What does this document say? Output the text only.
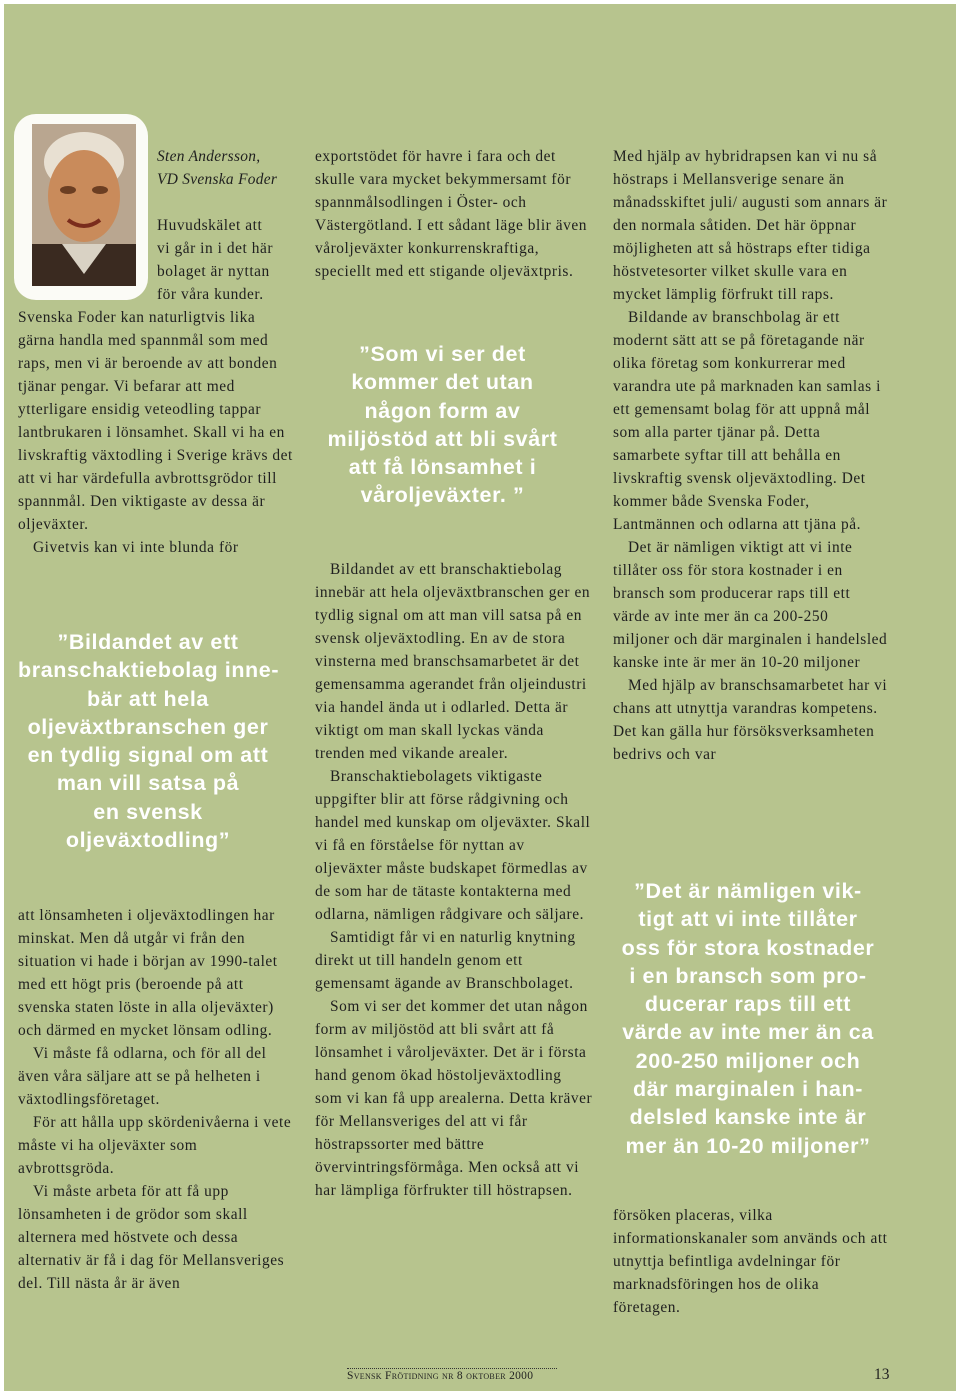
Sten Andersson,
VD Svenska Foder
Huvudskälet att
vi går in i det här
bolaget är nyttan
för våra kunder.

Svenska Foder kan naturligtvis lika gärna handla med spannmål som med raps, men vi är beroende av att bonden tjänar pengar. Vi befarar att med ytterligare ensidig veteodling tappar lantbrukaren i lönsamhet. Skall vi ha en livskraftig växtodling i Sverige krävs det att vi har värdefulla avbrottsgrödor till spannmål. Den viktigaste av dessa är oljeväxter.

Givetvis kan vi inte blunda för

”Bildandet av ett
branschaktiebolag inne-
bär att hela
oljeväxtbranschen ger
en tydlig signal om att
man vill satsa på
en svensk
oljeväxtodling”

att lönsamheten i oljeväxtodlingen har minskat. Men då utgår vi från den situation vi hade i början av 1990-talet med ett högt pris (beroende på att svenska staten löste in alla oljeväxter) och därmed en mycket lönsam odling.

Vi måste få odlarna, och för all del även våra säljare att se på helheten i växtodlingsföretaget.

För att hålla upp skördenivåerna i vete måste vi ha oljeväxter som avbrottsgröda.

Vi måste arbeta för att få upp lönsamheten i de grödor som skall alternera med höstvete och dessa alternativ är få i dag för Mellansveriges del. Till nästa år är även

exportstödet för havre i fara och det skulle vara mycket bekymmersamt för spannmålsodlingen i Öster- och Västergötland. I ett sådant läge blir även våroljeväxter konkurrenskraftiga, speciellt med ett stigande oljeväxtpris.

”Som vi ser det
kommer det utan
någon form av
miljöstöd att bli svårt
att få lönsamhet i
våroljeväxter. ”

Bildandet av ett branschaktiebolag innebär att hela oljeväxtbranschen ger en tydlig signal om att man vill satsa på en svensk oljeväxtodling. En av de stora vinsterna med branschsamarbetet är det gemensamma agerandet från oljeindustri via handel ända ut i odlarled. Detta är viktigt om man skall lyckas vända trenden med vikande arealer.

Branschaktiebolagets viktigaste uppgifter blir att förse rådgivning och handel med kunskap om oljeväxter. Skall vi få en förståelse för nyttan av oljeväxter måste budskapet förmedlas av de som har de tätaste kontakterna med odlarna, nämligen rådgivare och säljare.

Samtidigt får vi en naturlig knytning direkt ut till handeln genom ett gemensamt ägande av Branschbolaget.

Som vi ser det kommer det utan någon form av miljöstöd att bli svårt att få lönsamhet i våroljeväxter. Det är i första hand genom ökad höstoljeväxtodling som vi kan få upp arealerna. Detta kräver för Mellansveriges del att vi får höstrapssorter med bättre övervintringsförmåga. Men också att vi har lämpliga förfrukter till höstrapsen.

Med hjälp av hybridrapsen kan vi nu så höstraps i Mellansverige senare än månadsskiftet juli/ augusti som annars är den normala såtiden. Det här öppnar möjligheten att så höstraps efter tidiga höstvetesorter vilket skulle vara en mycket lämplig förfrukt till raps.

Bildande av branschbolag är ett modernt sätt att se på företagande när olika företag som konkurrerar med varandra ute på marknaden kan samlas i ett gemensamt bolag för att uppnå mål som alla parter tjänar på. Detta samarbete syftar till att behålla en livskraftig svensk oljeväxtodling. Det kommer både Svenska Foder, Lantmännen och odlarna att tjäna på.

Det är nämligen viktigt att vi inte tillåter oss för stora kostnader i en bransch som producerar raps till ett värde av inte mer än ca 200-250 miljoner och där marginalen i handelsled kanske inte är mer än 10-20 miljoner

Med hjälp av branschsamarbetet har vi chans att utnyttja varandras kompetens. Det kan gälla hur försöksverksamheten bedrivs och var

”Det är nämligen vik-
tigt att vi inte tillåter
oss för stora kostnader
i en bransch som pro-
ducerar raps till ett
värde av inte mer än ca
200-250 miljoner och
där marginalen i han-
delsled kanske inte är
mer än 10-20 miljoner”

försöken placeras, vilka informationskanaler som används och att utnyttja befintliga avdelningar för marknadsföringen hos de olika företagen.

Svensk Frötidning nr 8 oktober 2000	13
